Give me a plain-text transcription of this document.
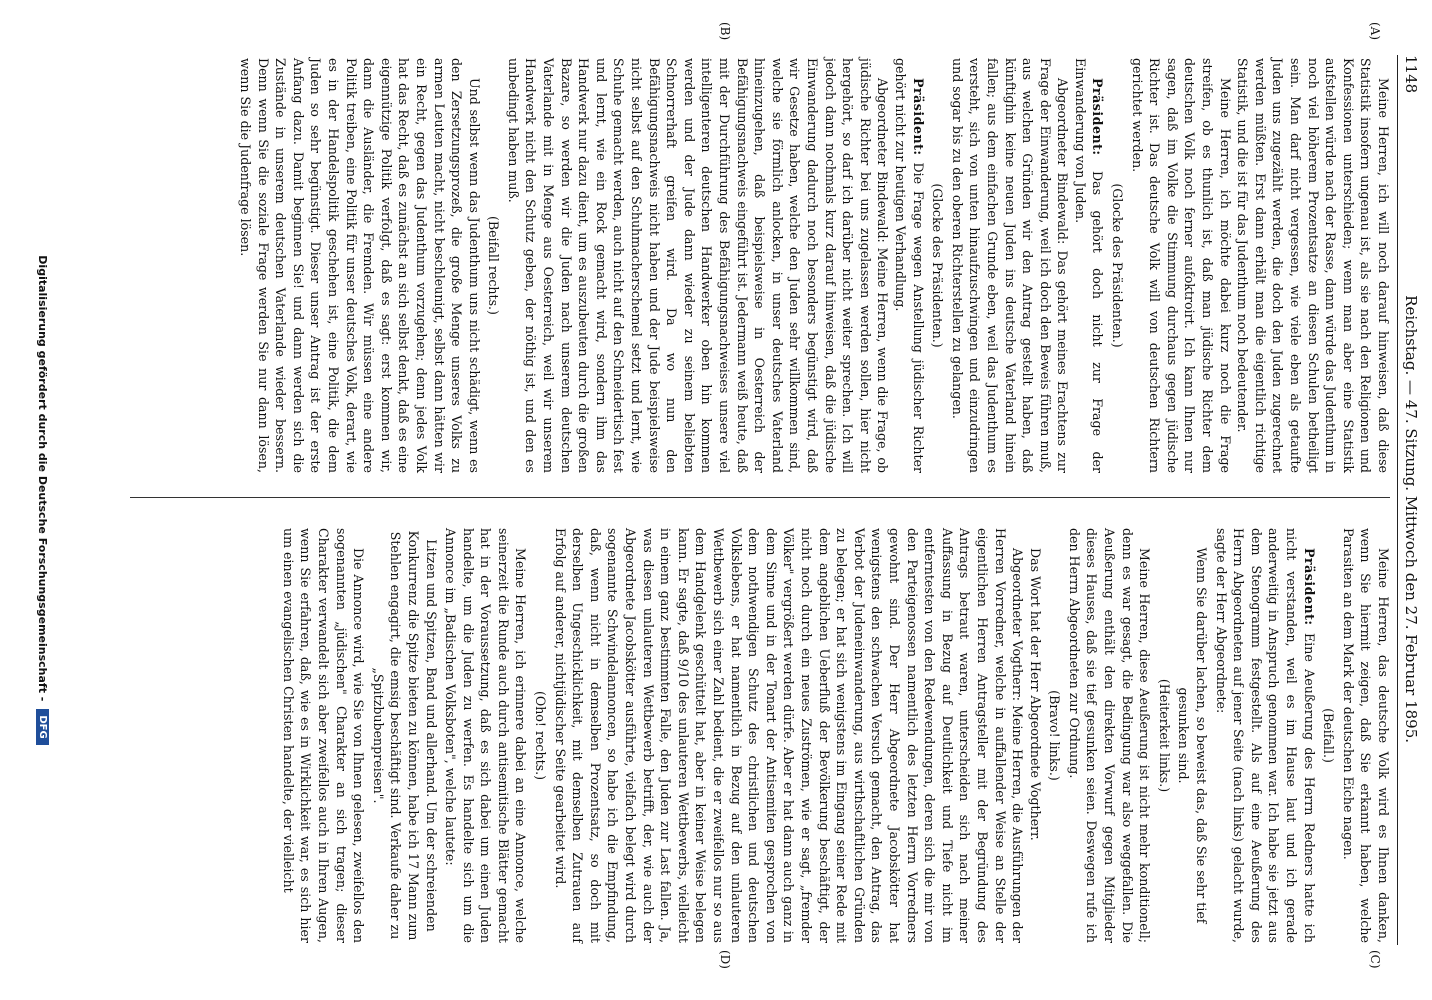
1148
Reichstag. — 47. Sitzung. Mittwoch den 27. Februar 1895.
(A)
(B)
(C)
(D)

Meine Herren, ich will noch darauf hinweisen, daß diese Statistik insofern ungenau ist, als sie nach den Religionen und Konfessionen unterschieden; wenn man aber eine Statistik aufstellen würde nach der Rasse, dann würde das Judenthum in noch viel höherem Prozentsatze an diesen Schulen betheiligt sein. Man darf nicht vergessen, wie viele eben als getaufte Juden uns zugezählt werden, die doch den Juden zugerechnet werden müßten. Erst dann erhält man die eigentlich richtige Statistik, und die ist für das Judenthum noch bedeutender.

Meine Herren, ich möchte dabei kurz noch die Frage streifen, ob es thunlich ist, daß man jüdische Richter dem deutschen Volk noch ferner aufoktroirt. Ich kann Ihnen nur sagen, daß im Volke die Stimmung durchaus gegen jüdische Richter ist. Das deutsche Volk will von deutschen Richtern gerichtet werden.

(Glocke des Präsidenten.)

Präsident: Das gehört doch nicht zur Frage der Einwanderung von Juden.

Abgeordneter Bindewald: Das gehört meines Erachtens zur Frage der Einwanderung, weil ich doch den Beweis führen muß, aus welchen Gründen wir den Antrag gestellt haben, daß künftighin keine neuen Juden ins deutsche Vaterland hinein fallen; aus dem einfachen Grunde eben, weil das Judenthum es versteht, sich von unten hinaufzuschwingen und einzudringen und sogar bis zu den oberen Richterstellen zu gelangen.

(Glocke des Präsidenten.)

Präsident: Die Frage wegen Anstellung jüdischer Richter gehört nicht zur heutigen Verhandlung.

Abgeordneter Bindewald: Meine Herren, wenn die Frage, ob jüdische Richter bei uns zugelassen werden sollen, hier nicht hergehört, so darf ich darüber nicht weiter sprechen. Ich will jedoch dann nochmals kurz darauf hinweisen, daß die jüdische Einwanderung dadurch noch besonders begünstigt wird, daß wir Gesetze haben, welche den Juden sehr willkommen sind, welche sie förmlich anlocken, in unser deutsches Vaterland hineinzugehen, daß beispielsweise in Oesterreich der Befähigungsnachweis eingeführt ist. Jedermann weiß heute, daß mit der Durchführung des Befähigungsnachweises unsere viel intelligenteren deutschen Handwerker oben hin kommen werden und der Jude dann wieder zu seinem beliebten Schnorrerhaft greifen wird. Da wo nun den Befähigungsnachweis nicht haben und der Jude beispielsweise nicht selbst auf den Schuhmacherschemel setzt und lernt, wie Schuhe gemacht werden, auch nicht auf den Schneidertisch fest und lernt, wie ein Rock gemacht wird, sondern ihm das Handwerk nur dazu dient, um es auszubeuten durch die großen Bazare, so werden wir die Juden nach unserem deutschen Vaterlande mit in Menge aus Oesterreich, weil wir unserem Handwerk nicht den Schutz geben, der nöthig ist, und den es unbedingt haben muß.

(Beifall rechts.)

Und selbst wenn das Judenthum uns nicht schädigt, wenn es den Zersetzungsprozeß, die große Menge unseres Volks zu armen Leuten macht, nicht beschleunigt, selbst dann hätten wir ein Recht, gegen das Judenthum vorzugehen; denn jedes Volk hat das Recht, daß es zunächst an sich selbst denkt, daß es eine eigennützige Politik verfolgt, daß es sagt: erst kommen wir, dann die Ausländer, die Fremden. Wir müssen eine andere Politik treiben, eine Politik für unser deutsches Volk, derart, wie es in der Handelspolitik geschehen ist, eine Politik, die dem Juden so sehr begünstigt. Dieser unser Antrag ist der erste Anfang dazu. Damit beginnen Sie! und dann werden sich die Zustände in unserem deutschen Vaterlande wieder bessern. Denn wenn Sie die soziale Frage werden Sie nur dann lösen, wenn Sie die Judenfrage lösen.

Meine Herren, das deutsche Volk wird es Ihnen danken, wenn Sie hiermit zeigen, daß Sie erkannt haben, welche Parasiten an dem Mark der deutschen Eiche nagen.

(Beifall.)

Präsident: Eine Aeußerung des Herrn Redners hatte ich nicht verstanden, weil es im Hause laut und ich gerade anderweitig in Anspruch genommen war. Ich habe sie jetzt aus dem Stenogramm festgestellt. Als auf eine Aeußerung des Herrn Abgeordneten auf jener Seite (nach links) gelacht wurde, sagte der Herr Abgeordnete:

Wenn Sie darüber lachen, so beweist das, daß Sie sehr tief gesunken sind.

(Heiterkeit links.)

Meine Herren, diese Aeußerung ist nicht mehr konditionell; denn es war gesagt, die Bedingung war also weggefallen. Die Aeußerung enthält den direkten Vorwurf gegen Mitglieder dieses Hauses, daß sie tief gesunken seien. Deswegen rufe ich den Herrn Abgeordneten zur Ordnung.

(Bravo! links.)

Das Wort hat der Herr Abgeordnete Vogtherr.

Abgeordneter Vogtherr: Meine Herren, die Ausführungen der Herren Vorredner, welche in auffallender Weise an Stelle der eigentlichen Herren Antragsteller mit der Begründung des Antrags betraut waren, unterscheiden sich nach meiner Auffassung in Bezug auf Deutlichkeit und Tiefe nicht im entferntesten von den Redewendungen, deren sich die mir von den Parteigenossen namentlich des letzten Herrn Vorredners gewohnt sind. Der Herr Abgeordnete Jacobskötter hat wenigstens den schwachen Versuch gemacht, den Antrag, das Verbot der Judeneinwanderung, aus wirthschaftlichen Gründen zu belegen; er hat sich wenigstens im Eingang seiner Rede mit dem angeblichen Ueberfluß der Bevölkerung beschäftigt, der nicht noch durch ein neues Zuströmen, wie er sagt, „fremder Völker" vergrößert werden dürfe. Aber er hat dann auch ganz in dem Sinne und in der Tonart der Antisemiten gesprochen von dem nothwendigen Schutz des christlichen und deutschen Volkslebens, er hat namentlich in Bezug auf den unlauteren Wettbewerb sich einer Zahl bedient, die er zweifellos nur so aus dem Handgelenk geschüttelt hat, aber in keiner Weise belegen kann. Er sagte, daß 9/10 des unlauteren Wettbewerbs, vielleicht in einem ganz bestimmten Falle, den Juden zur Last fallen. Ja, was diesen unlauteren Wettbewerb betrifft, der, wie auch der Abgeordnete Jacobskötter ausführte, vielfach belegt wird durch sogenannte Schwindelannoncen, so habe ich die Empfindung, daß, wenn nicht in demselben Prozentsatz, so doch mit derselben Ungeschicklichkeit, mit demselben Zutrauen auf Erfolg auf anderer, nichtjüdischer Seite gearbeitet wird.

(Oho! rechts.)

Meine Herren, ich erinnere dabei an eine Annonce, welche seinerzeit die Runde auch durch antisemitische Blätter gemacht hat in der Voraussetzung, daß es sich dabei um einen Juden handelte, um die Juden zu werfen. Es handelte sich um die Annonce im „Badischen Volksboten", welche lautete:

Litzen und Spitzen, Band und allerhand. Um der schreienden Konkurrenz die Spitze bieten zu können, habe ich 17 Mann zum Stehlen engagirt, die emsig beschäftigt sind. Verkaufe daher zu „Spitzbubenpreisen".

Die Annonce wird, wie Sie von Ihnen gelesen, zweifellos den sogenannten „jüdischen" Charakter an sich tragen; dieser Charakter verwandelt sich aber zweifellos auch in Ihren Augen, wenn Sie erfahren, daß, wie es in Wirklichkeit war, es sich hier um einen evangelischen Christen handelte, der vielleicht

Digitalisierung gefördert durch die Deutsche Forschungsgemeinschaft -
DFG
